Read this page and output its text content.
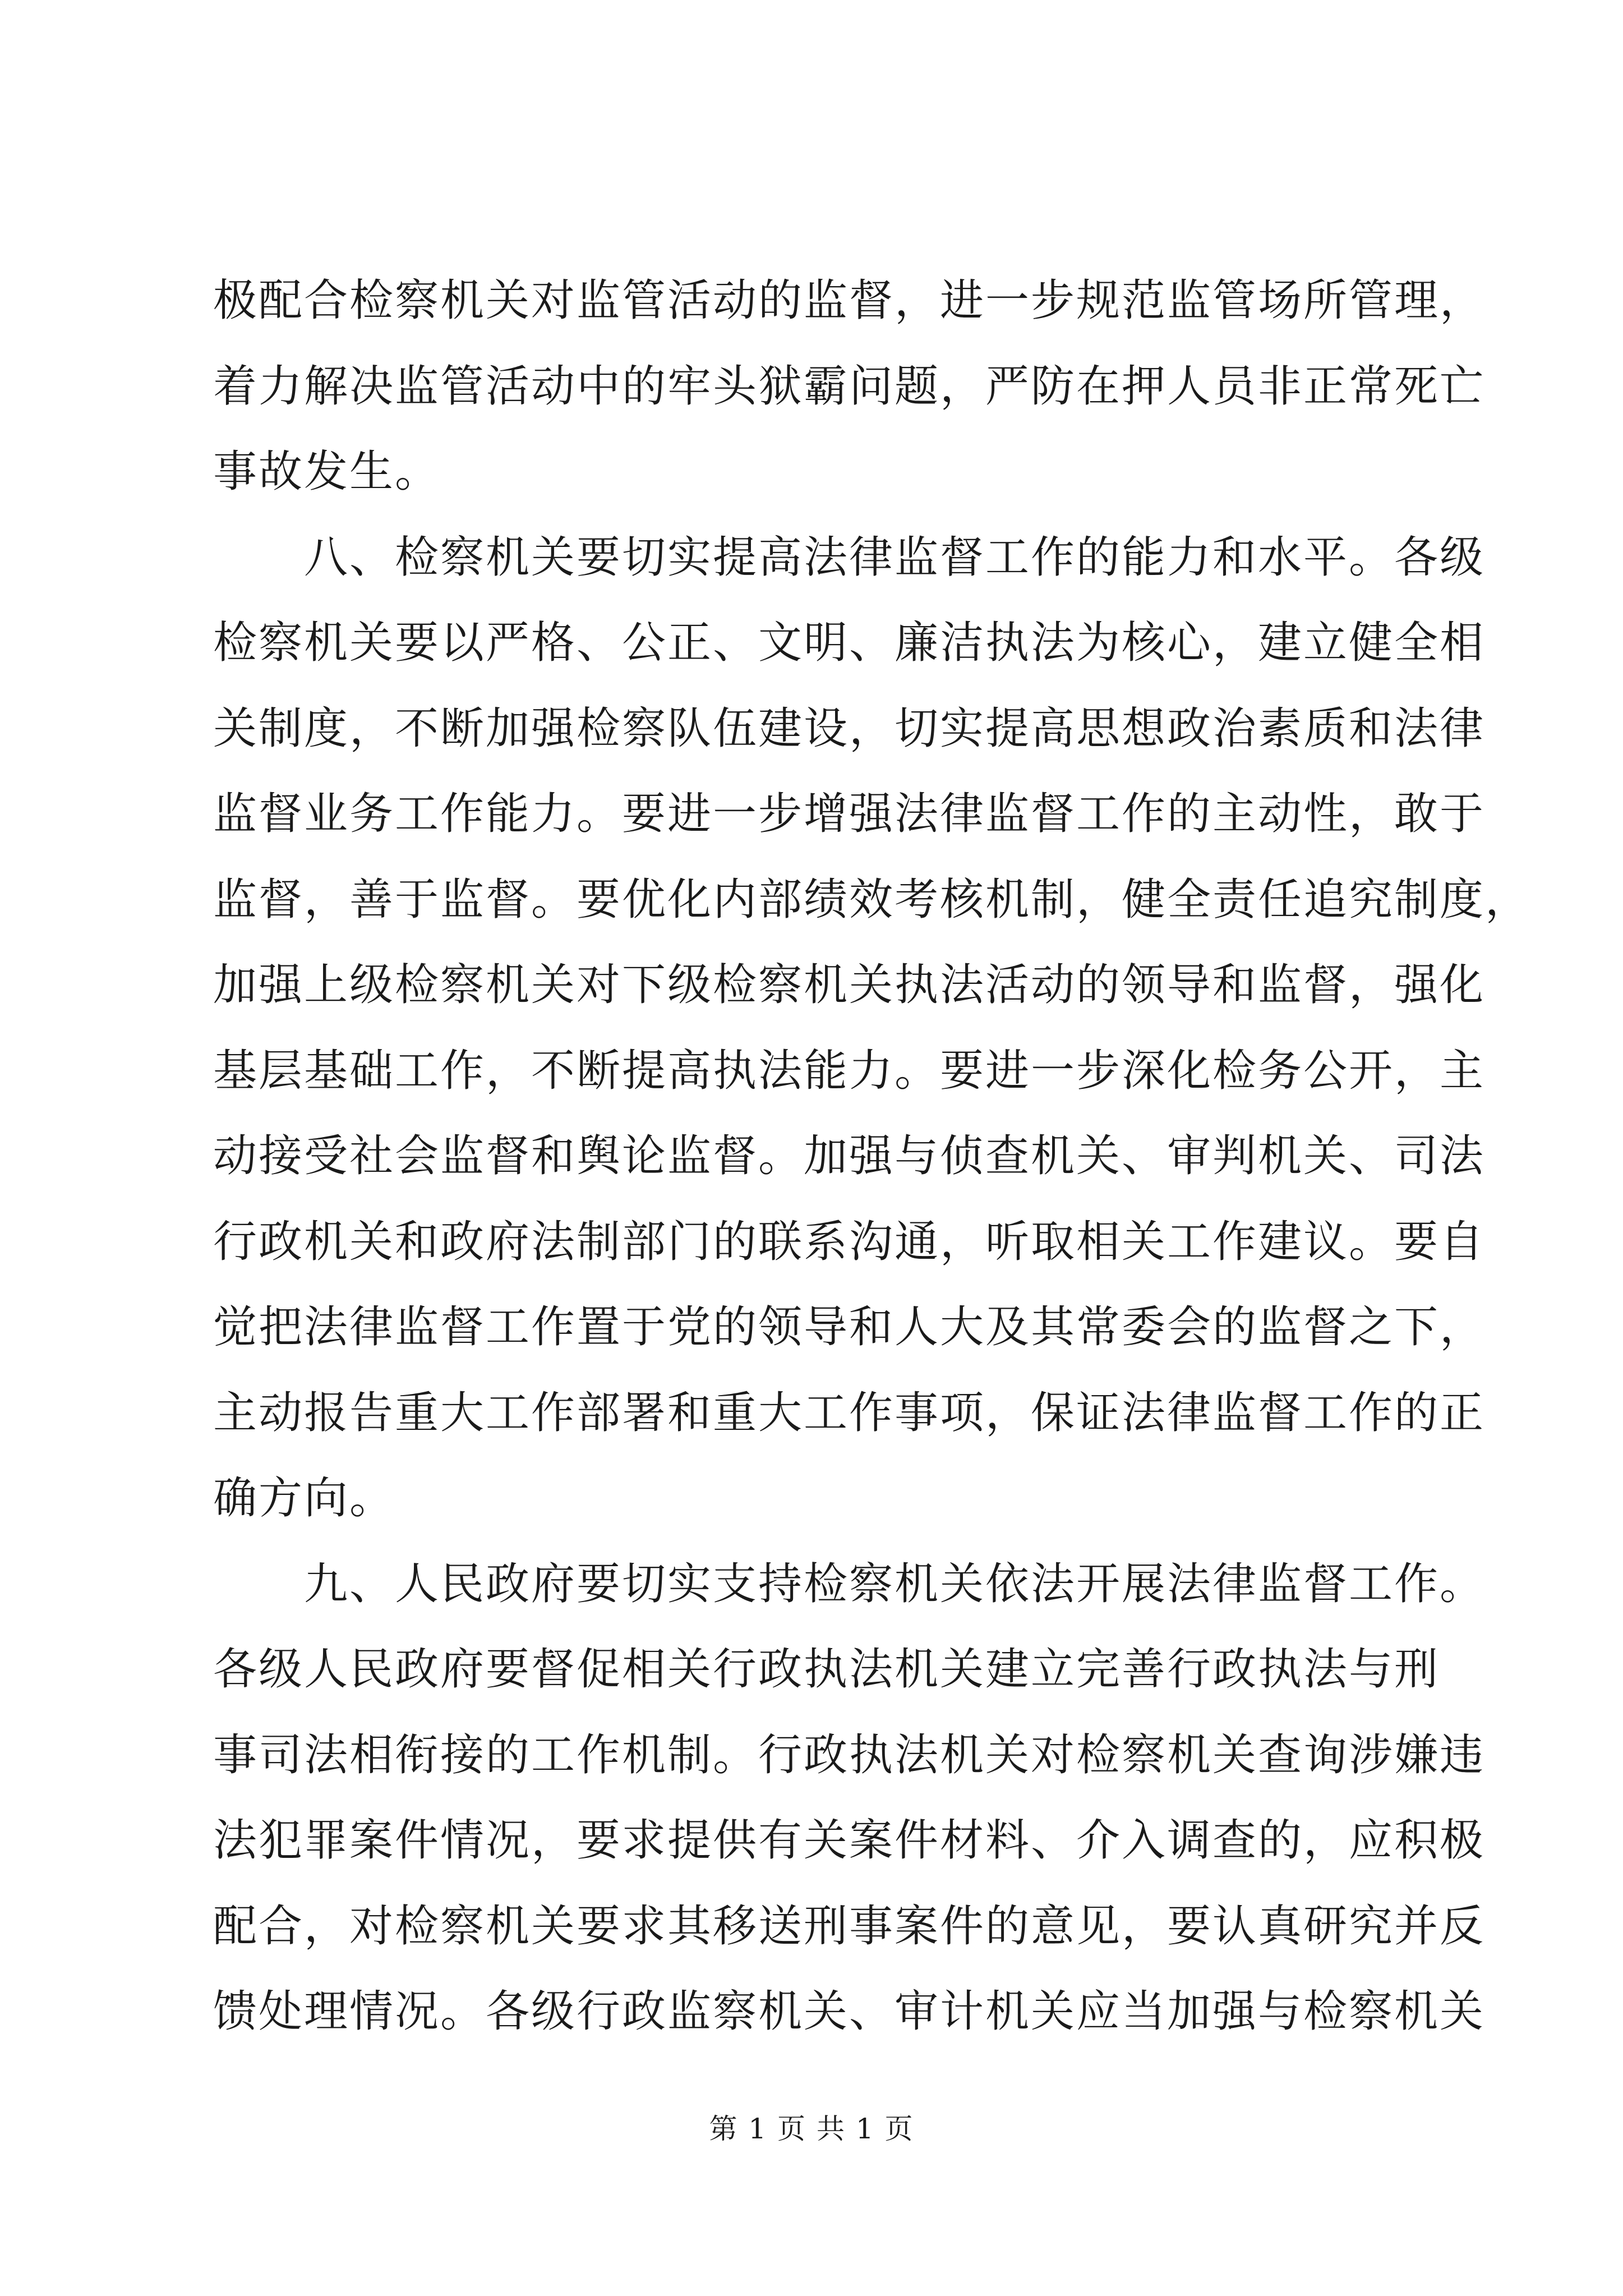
极配合检察机关对监管活动的监督，进一步规范监管场所管理，
着力解决监管活动中的牢头狱霸问题，严防在押人员非正常死亡
事故发生。
　　八、检察机关要切实提高法律监督工作的能力和水平。各级
检察机关要以严格、公正、文明、廉洁执法为核心，建立健全相
关制度，不断加强检察队伍建设，切实提高思想政治素质和法律
监督业务工作能力。要进一步增强法律监督工作的主动性，敢于
监督，善于监督。要优化内部绩效考核机制，健全责任追究制度，
加强上级检察机关对下级检察机关执法活动的领导和监督，强化
基层基础工作，不断提高执法能力。要进一步深化检务公开，主
动接受社会监督和舆论监督。加强与侦查机关、审判机关、司法
行政机关和政府法制部门的联系沟通，听取相关工作建议。要自
觉把法律监督工作置于党的领导和人大及其常委会的监督之下，
主动报告重大工作部署和重大工作事项，保证法律监督工作的正
确方向。
　　九、人民政府要切实支持检察机关依法开展法律监督工作。
各级人民政府要督促相关行政执法机关建立完善行政执法与刑
事司法相衔接的工作机制。行政执法机关对检察机关查询涉嫌违
法犯罪案件情况，要求提供有关案件材料、介入调查的，应积极
配合，对检察机关要求其移送刑事案件的意见，要认真研究并反
馈处理情况。各级行政监察机关、审计机关应当加强与检察机关
第 1 页 共 1 页
